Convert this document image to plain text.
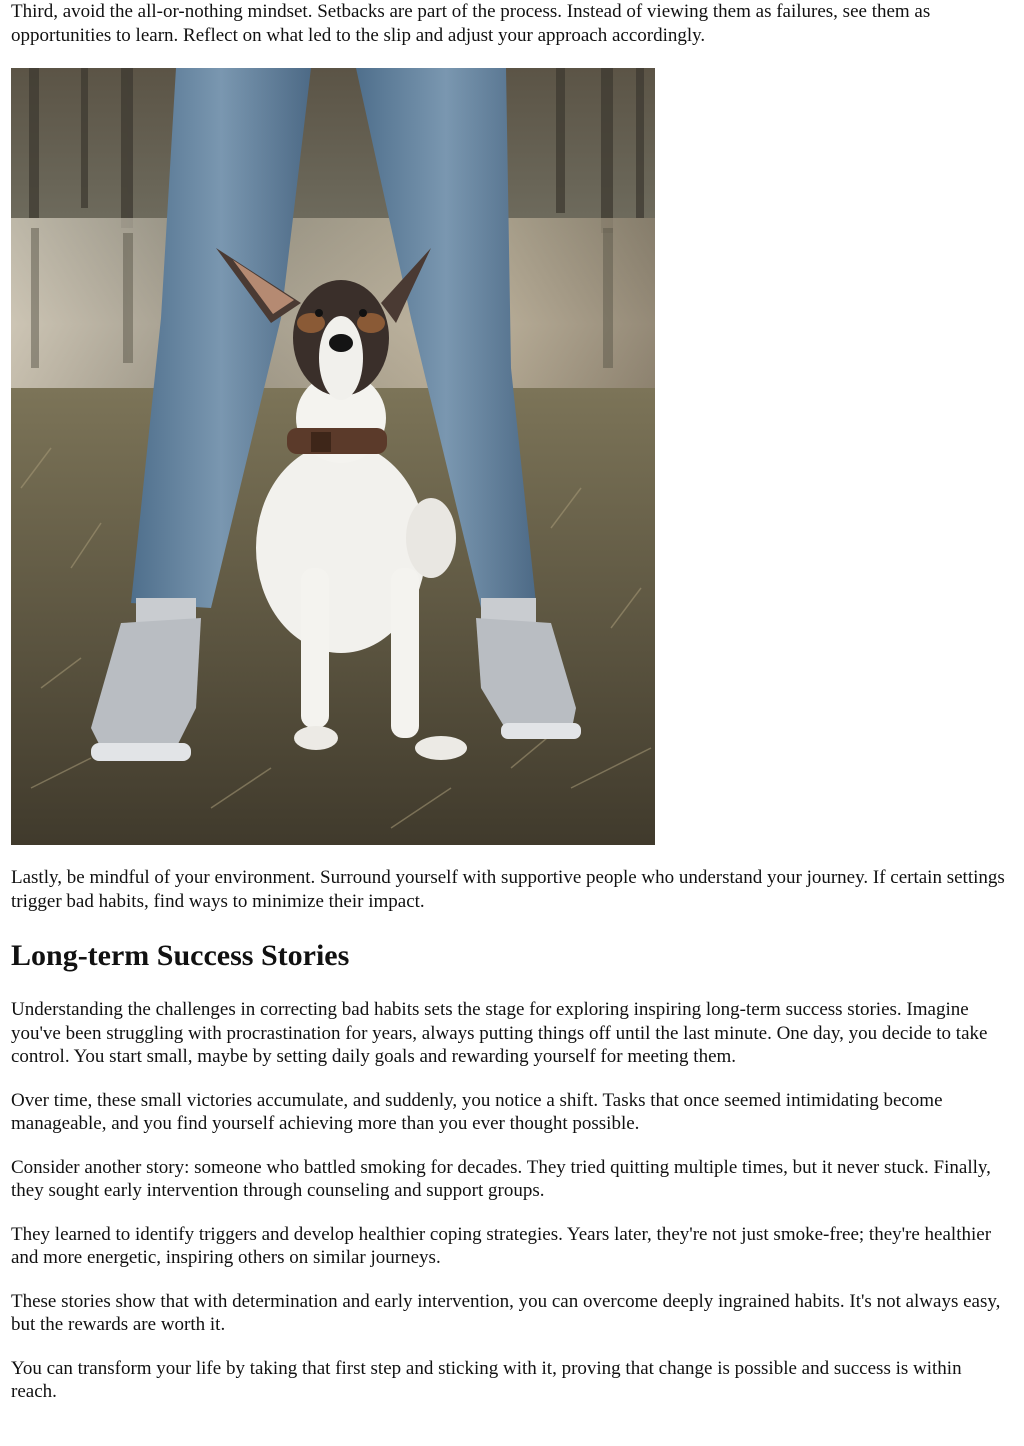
Third, avoid the all-or-nothing mindset. Setbacks are part of the process. Instead of viewing them as failures, see them as opportunities to learn. Reflect on what led to the slip and adjust your approach accordingly.

Lastly, be mindful of your environment. Surround yourself with supportive people who understand your journey. If certain settings trigger bad habits, find ways to minimize their impact.

Long-term Success Stories

Understanding the challenges in correcting bad habits sets the stage for exploring inspiring long-term success stories. Imagine you've been struggling with procrastination for years, always putting things off until the last minute. One day, you decide to take control. You start small, maybe by setting daily goals and rewarding yourself for meeting them.

Over time, these small victories accumulate, and suddenly, you notice a shift. Tasks that once seemed intimidating become manageable, and you find yourself achieving more than you ever thought possible.

Consider another story: someone who battled smoking for decades. They tried quitting multiple times, but it never stuck. Finally, they sought early intervention through counseling and support groups.

They learned to identify triggers and develop healthier coping strategies. Years later, they're not just smoke-free; they're healthier and more energetic, inspiring others on similar journeys.

These stories show that with determination and early intervention, you can overcome deeply ingrained habits. It's not always easy, but the rewards are worth it.

You can transform your life by taking that first step and sticking with it, proving that change is possible and success is within reach.
